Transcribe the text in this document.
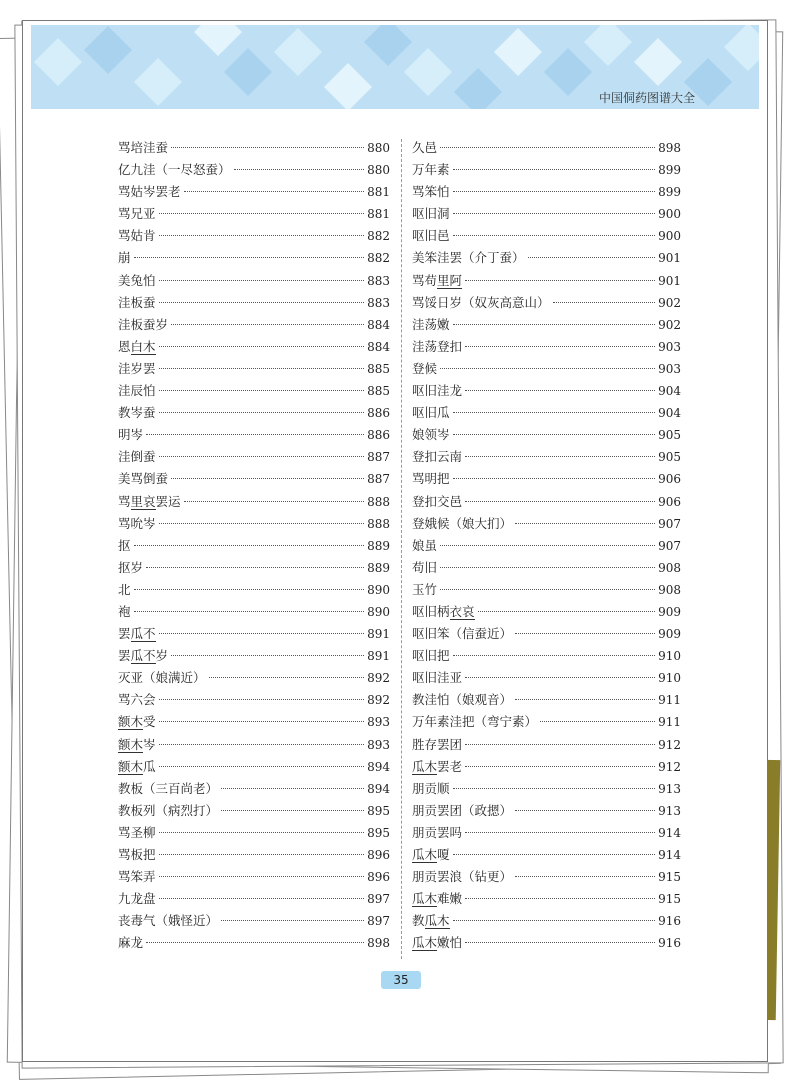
中国侗药图谱大全
骂培洼蚕	880
亿九洼（一尽怒蚕）	880
骂姑岑罢老	881
骂兄亚	881
骂姑肯	882
崩	882
美兔怕	883
洼板蚕	883
洼板蚕岁	884
恩白木	884
洼岁罢	885
洼辰怕	885
教岑蚕	886
明岑	886
洼倒蚕	887
美骂倒蚕	887
骂里哀罢运	888
骂吮岑	888
抠	889
抠岁	889
北	890
袍	890
罢瓜不	891
罢瓜不岁	891
灭亚（娘满近）	892
骂六会	892
额木受	893
额木岑	893
额木瓜	894
教板（三百尚老）	894
教板列（病烈打）	895
骂圣柳	895
骂板把	896
骂笨弄	896
九龙盘	897
丧毒气（娥怪近）	897
麻龙	898
久邑	898
万年素	899
骂笨怕	899
呕旧洞	900
呕旧邑	900
美笨洼罢（介丁蚕）	901
骂苟里阿	901
骂馁日岁（奴灰高意山）	902
洼荡嫩	902
洼荡登扣	903
登候	903
呕旧洼龙	904
呕旧瓜	904
娘领岑	905
登扣云南	905
骂明把	906
登扣交邑	906
登娥候（娘大扪）	907
娘虽	907
苟旧	908
玉竹	908
呕旧柄衣哀	909
呕旧笨（信蚕近）	909
呕旧把	910
呕旧洼亚	910
教洼怕（娘观音）	911
万年素洼把（弯宁素）	911
胜存罢团	912
瓜木罢老	912
朋贡顺	913
朋贡罢团（政摁）	913
朋贡罢吗	914
瓜木嗄	914
朋贡罢浪（钻更）	915
瓜木难嫩	915
教瓜木	916
瓜木嫩怕	916
35
